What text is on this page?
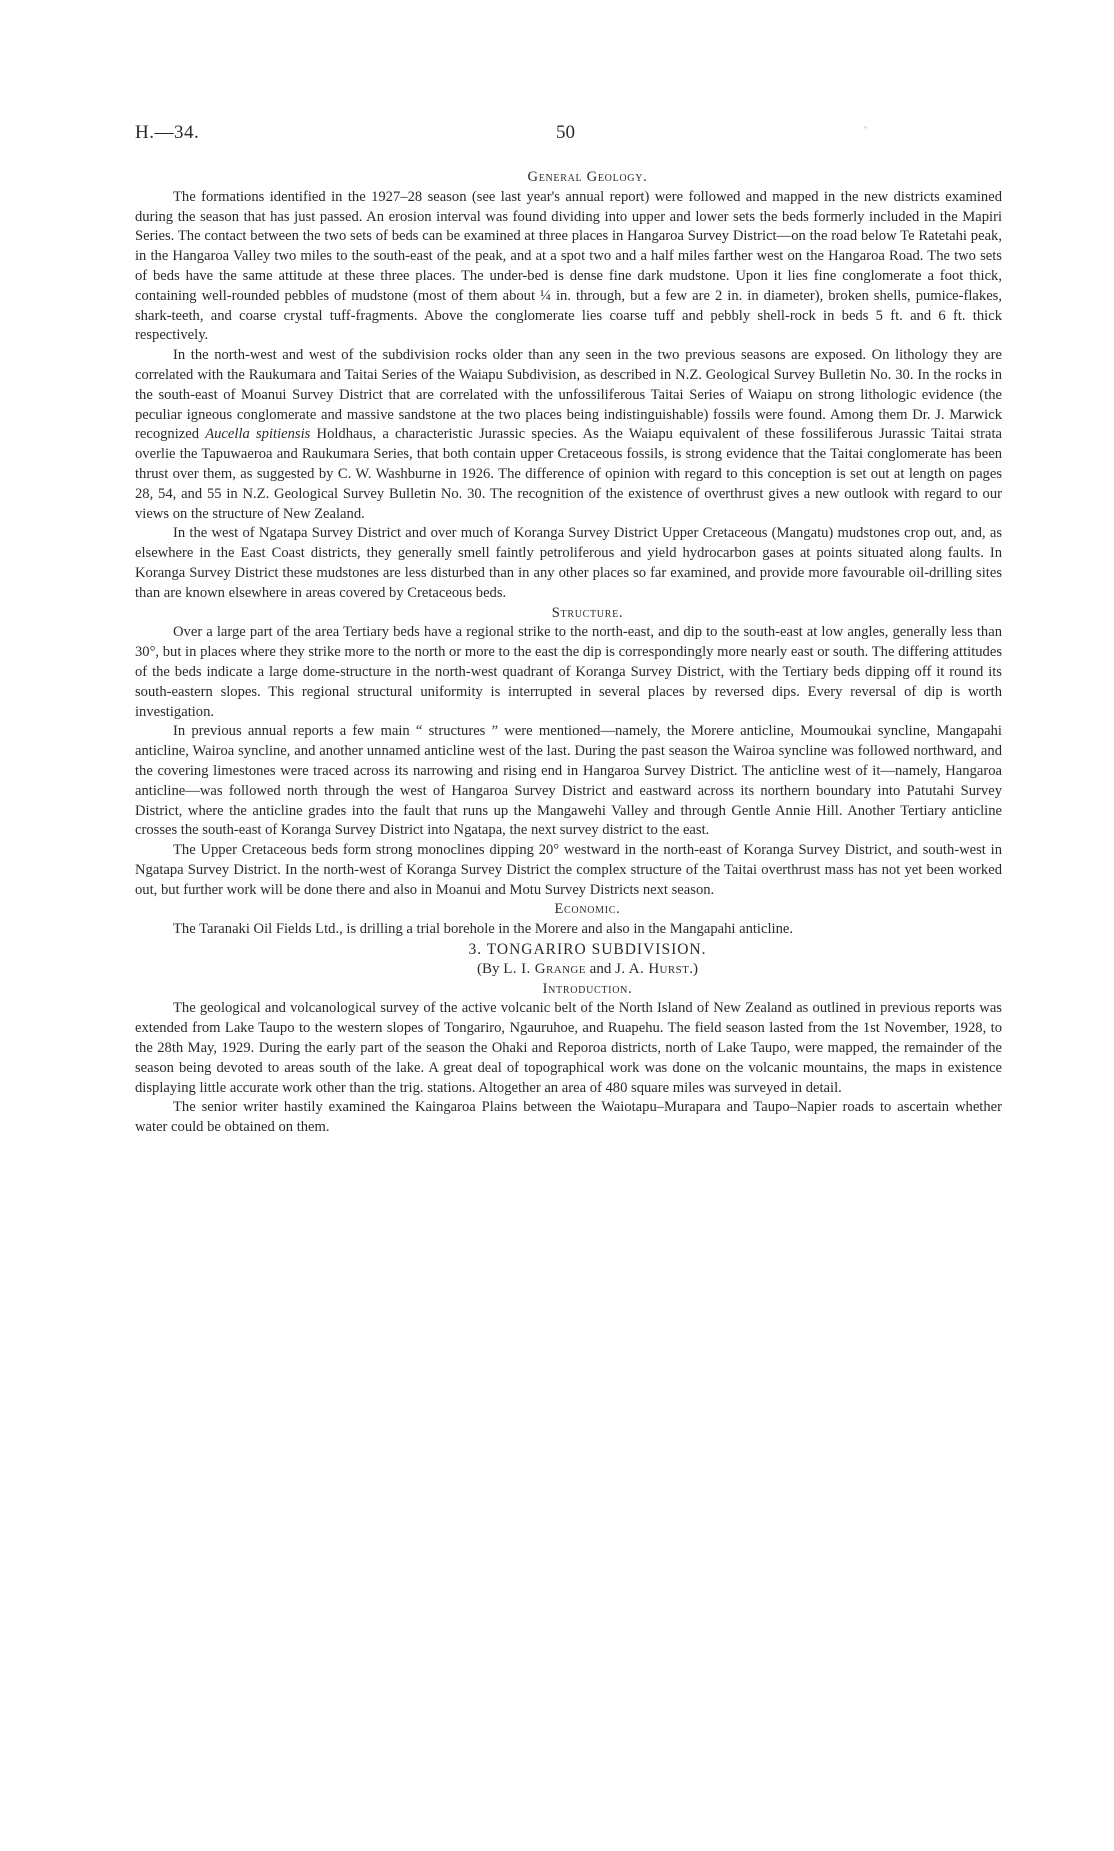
H.—34.	50	◦

General Geology.

The formations identified in the 1927–28 season (see last year's annual report) were followed and mapped in the new districts examined during the season that has just passed. An erosion interval was found dividing into upper and lower sets the beds formerly included in the Mapiri Series. The contact between the two sets of beds can be examined at three places in Hangaroa Survey District—on the road below Te Ratetahi peak, in the Hangaroa Valley two miles to the south-east of the peak, and at a spot two and a half miles farther west on the Hangaroa Road. The two sets of beds have the same attitude at these three places. The under-bed is dense fine dark mudstone. Upon it lies fine conglomerate a foot thick, containing well-rounded pebbles of mudstone (most of them about ¼ in. through, but a few are 2 in. in diameter), broken shells, pumice-flakes, shark-teeth, and coarse crystal tuff-fragments. Above the conglomerate lies coarse tuff and pebbly shell-rock in beds 5 ft. and 6 ft. thick respectively.

In the north-west and west of the subdivision rocks older than any seen in the two previous seasons are exposed. On lithology they are correlated with the Raukumara and Taitai Series of the Waiapu Subdivision, as described in N.Z. Geological Survey Bulletin No. 30. In the rocks in the south-east of Moanui Survey District that are correlated with the unfossiliferous Taitai Series of Waiapu on strong lithologic evidence (the peculiar igneous conglomerate and massive sandstone at the two places being indistinguishable) fossils were found. Among them Dr. J. Marwick recognized Aucella spitiensis Holdhaus, a characteristic Jurassic species. As the Waiapu equivalent of these fossiliferous Jurassic Taitai strata overlie the Tapuwaeroa and Raukumara Series, that both contain upper Cretaceous fossils, is strong evidence that the Taitai conglomerate has been thrust over them, as suggested by C. W. Washburne in 1926. The difference of opinion with regard to this conception is set out at length on pages 28, 54, and 55 in N.Z. Geological Survey Bulletin No. 30. The recognition of the existence of overthrust gives a new outlook with regard to our views on the structure of New Zealand.

In the west of Ngatapa Survey District and over much of Koranga Survey District Upper Cretaceous (Mangatu) mudstones crop out, and, as elsewhere in the East Coast districts, they generally smell faintly petroliferous and yield hydrocarbon gases at points situated along faults. In Koranga Survey District these mudstones are less disturbed than in any other places so far examined, and provide more favourable oil-drilling sites than are known elsewhere in areas covered by Cretaceous beds.

Structure.

Over a large part of the area Tertiary beds have a regional strike to the north-east, and dip to the south-east at low angles, generally less than 30°, but in places where they strike more to the north or more to the east the dip is correspondingly more nearly east or south. The differing attitudes of the beds indicate a large dome-structure in the north-west quadrant of Koranga Survey District, with the Tertiary beds dipping off it round its south-eastern slopes. This regional structural uniformity is interrupted in several places by reversed dips. Every reversal of dip is worth investigation.

In previous annual reports a few main “ structures ” were mentioned—namely, the Morere anticline, Moumoukai syncline, Mangapahi anticline, Wairoa syncline, and another unnamed anticline west of the last. During the past season the Wairoa syncline was followed northward, and the covering limestones were traced across its narrowing and rising end in Hangaroa Survey District. The anticline west of it—namely, Hangaroa anticline—was followed north through the west of Hangaroa Survey District and eastward across its northern boundary into Patutahi Survey District, where the anticline grades into the fault that runs up the Mangawehi Valley and through Gentle Annie Hill. Another Tertiary anticline crosses the south-east of Koranga Survey District into Ngatapa, the next survey district to the east.

The Upper Cretaceous beds form strong monoclines dipping 20° westward in the north-east of Koranga Survey District, and south-west in Ngatapa Survey District. In the north-west of Koranga Survey District the complex structure of the Taitai overthrust mass has not yet been worked out, but further work will be done there and also in Moanui and Motu Survey Districts next season.

Economic.

The Taranaki Oil Fields Ltd., is drilling a trial borehole in the Morere and also in the Mangapahi anticline.

3. TONGARIRO SUBDIVISION.

(By L. I. Grange and J. A. Hurst.)

Introduction.

The geological and volcanological survey of the active volcanic belt of the North Island of New Zealand as outlined in previous reports was extended from Lake Taupo to the western slopes of Tongariro, Ngauruhoe, and Ruapehu. The field season lasted from the 1st November, 1928, to the 28th May, 1929. During the early part of the season the Ohaki and Reporoa districts, north of Lake Taupo, were mapped, the remainder of the season being devoted to areas south of the lake. A great deal of topographical work was done on the volcanic mountains, the maps in existence displaying little accurate work other than the trig. stations. Altogether an area of 480 square miles was surveyed in detail.

The senior writer hastily examined the Kaingaroa Plains between the Waiotapu–Murapara and Taupo–Napier roads to ascertain whether water could be obtained on them.
